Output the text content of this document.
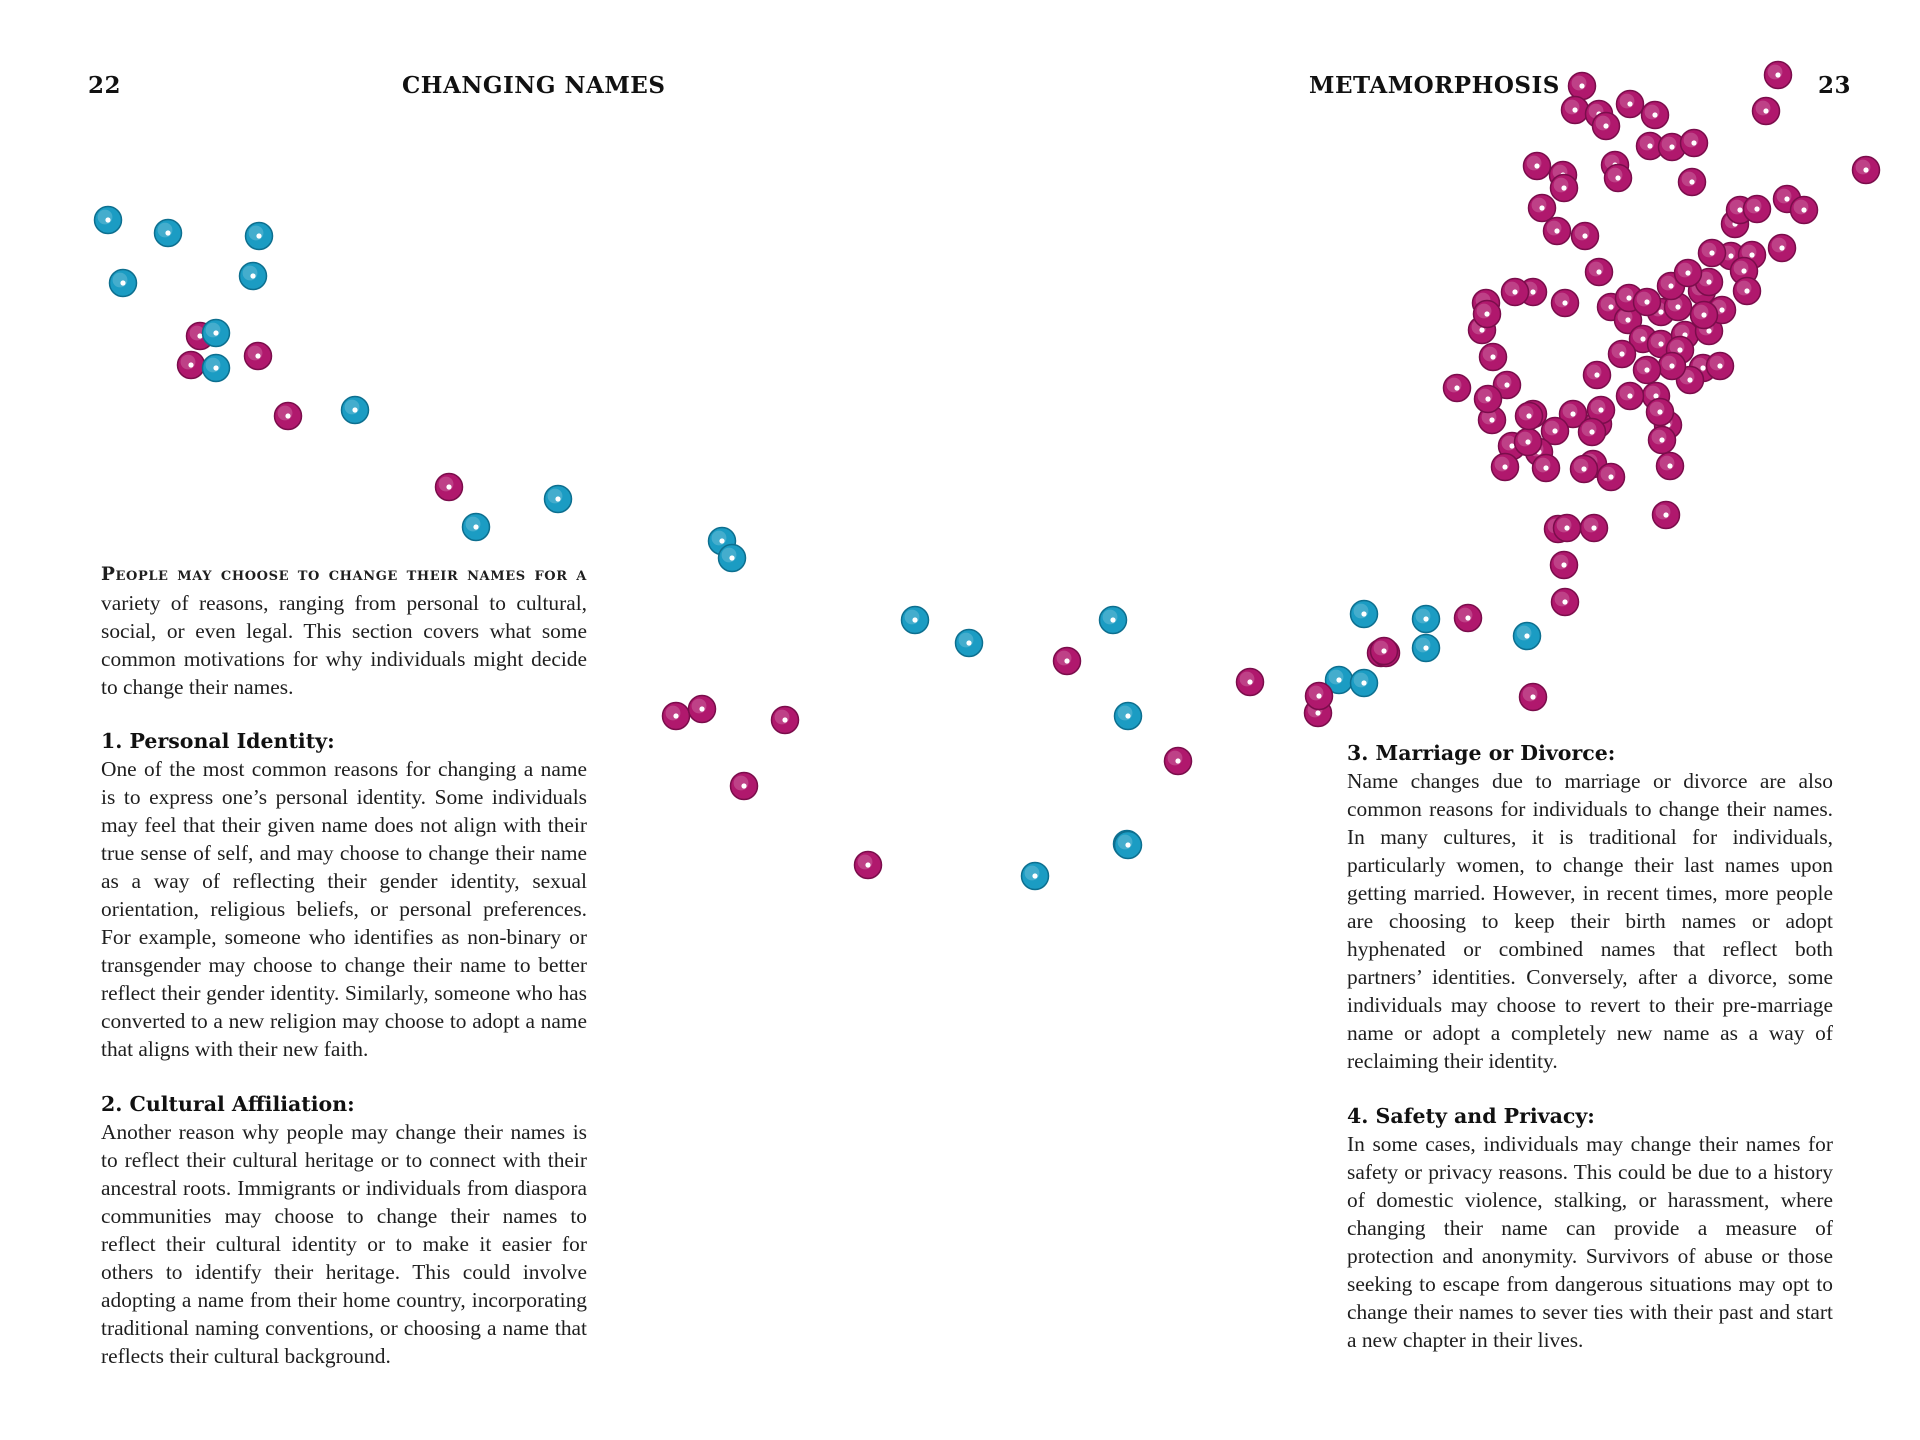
22	CHANGING NAMES	METAMORPHOSIS	23
People may choose to change their names for a variety of reasons, ranging from personal to cultural, social, or even legal. This section covers what some common motivations for why individuals might decide to change their names.

1. Personal Identity:

One of the most common reasons for changing a name is to express one’s personal identity. Some individuals may feel that their given name does not align with their true sense of self, and may choose to change their name as a way of reflecting their gender identity, sexual orientation, religious beliefs, or personal preferences. For example, someone who identifies as non-binary or transgender may choose to change their name to better reflect their gender identity. Similarly, someone who has converted to a new religion may choose to adopt a name that aligns with their new faith.

2. Cultural Affiliation:

Another reason why people may change their names is to reflect their cultural heritage or to connect with their ancestral roots. Immigrants or individuals from diaspora communities may choose to change their names to reflect their cultural identity or to make it easier for others to identify their heritage. This could involve adopting a name from their home country, incorporating traditional naming conventions, or choosing a name that reflects their cultural background.

3. Marriage or Divorce:

Name changes due to marriage or divorce are also common reasons for individuals to change their names. In many cultures, it is traditional for individuals, particularly women, to change their last names upon getting married. However, in recent times, more people are choosing to keep their birth names or adopt hyphenated or combined names that reflect both partners’ identities. Conversely, after a divorce, some individuals may choose to revert to their pre-marriage name or adopt a completely new name as a way of reclaiming their identity.

4. Safety and Privacy:

In some cases, individuals may change their names for safety or privacy reasons. This could be due to a history of domestic violence, stalking, or harassment, where changing their name can provide a measure of protection and anonymity. Survivors of abuse or those seeking to escape from dangerous situations may opt to change their names to sever ties with their past and start a new chapter in their lives.
